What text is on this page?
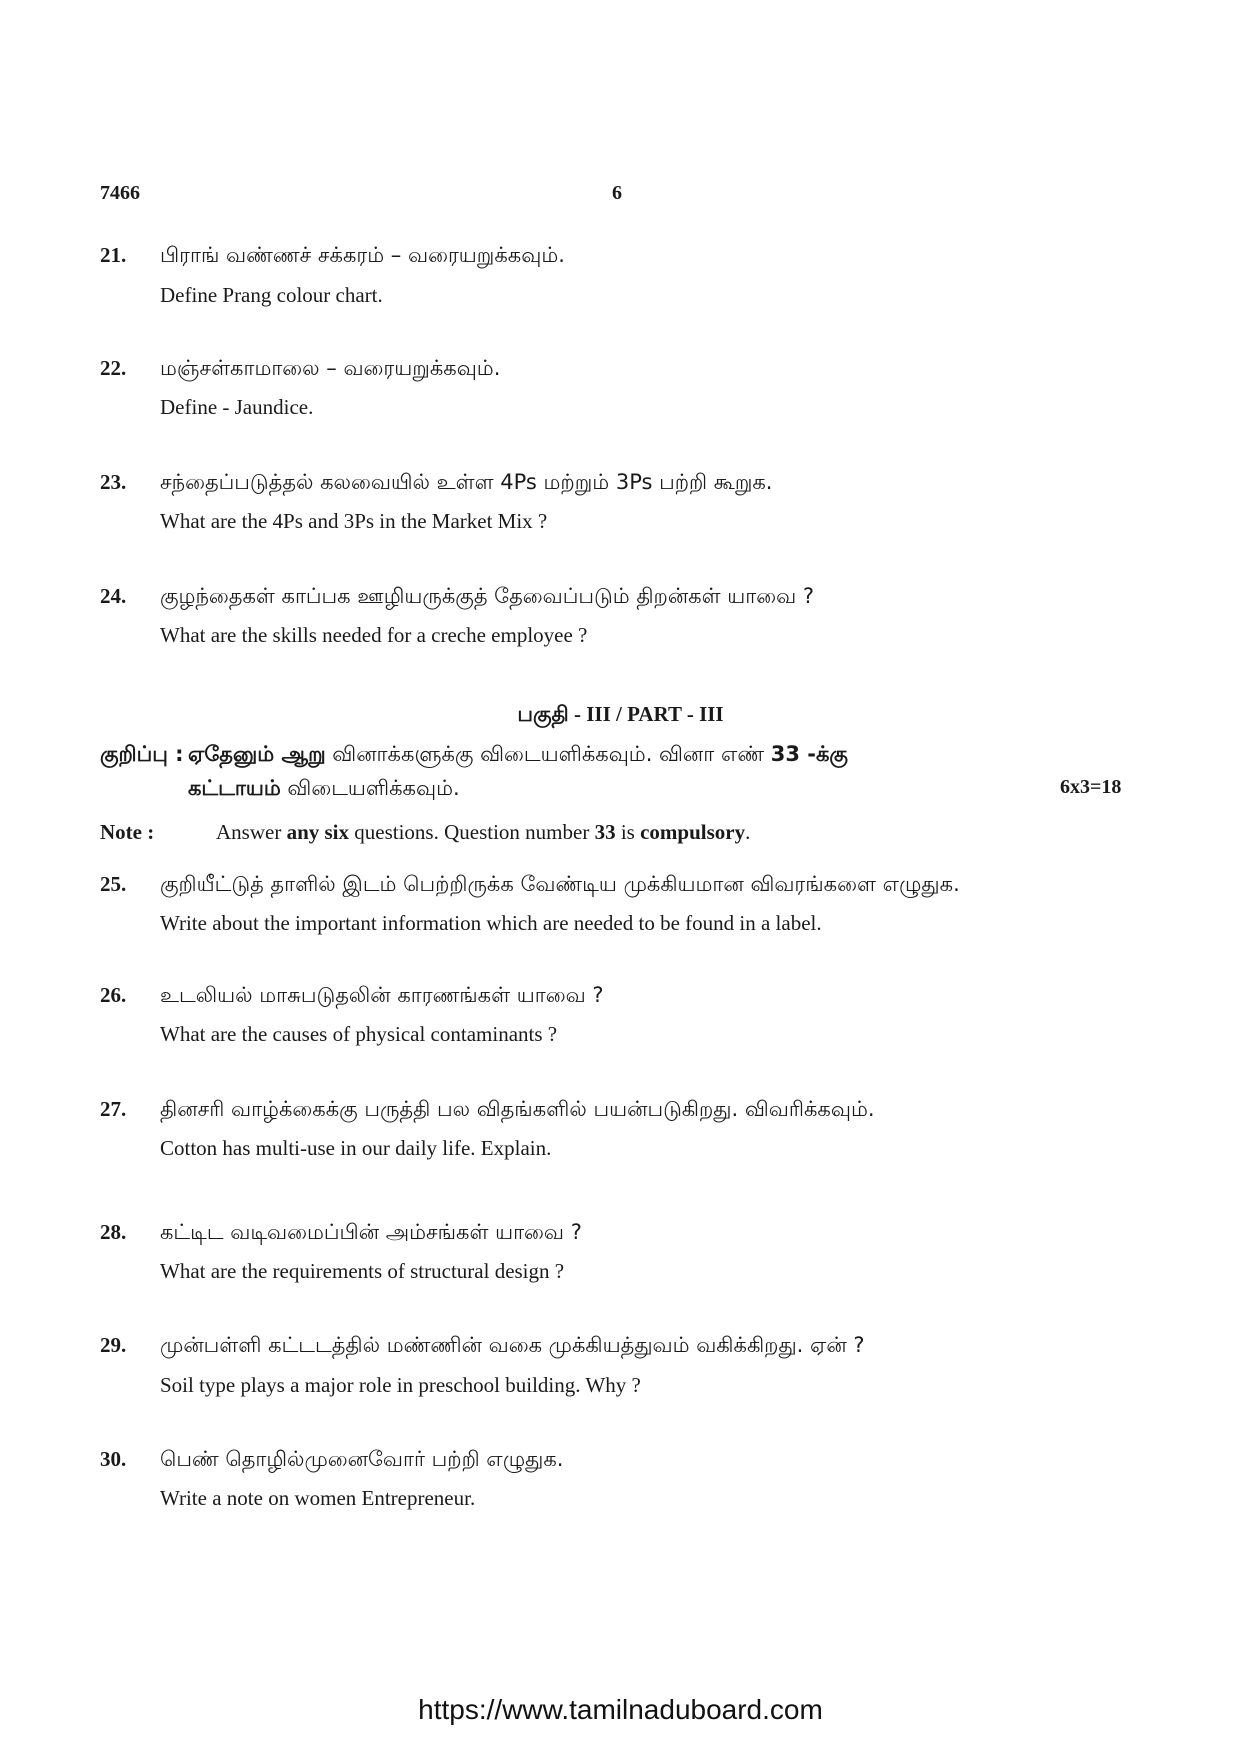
7466	6
21. பிராங் வண்ணச் சக்கரம் – வரையறுக்கவும்.
Define Prang colour chart.
22. மஞ்சள்காமாலை – வரையறுக்கவும்.
Define - Jaundice.
23. சந்தைப்படுத்தல் கலவையில் உள்ள 4Ps மற்றும் 3Ps பற்றி கூறுக.
What are the 4Ps and 3Ps in the Market Mix ?
24. குழந்தைகள் காப்பக ஊழியருக்குத் தேவைப்படும் திறன்கள் யாவை ?
What are the skills needed for a creche employee ?
பகுதி - III / PART - III
குறிப்பு : ஏதேனும் ஆறு வினாக்களுக்கு விடையளிக்கவும். வினா எண் 33 -க்கு
கட்டாயம் விடையளிக்கவும்.	6x3=18
Note :	Answer any six questions. Question number 33 is compulsory.
25. குறியீட்டுத் தாளில் இடம் பெற்றிருக்க வேண்டிய முக்கியமான விவரங்களை எழுதுக.
Write about the important information which are needed to be found in a label.
26. உடலியல் மாசுபடுதலின் காரணங்கள் யாவை ?
What are the causes of physical contaminants ?
27. தினசரி வாழ்க்கைக்கு பருத்தி பல விதங்களில் பயன்படுகிறது. விவரிக்கவும்.
Cotton has multi-use in our daily life. Explain.
28. கட்டிட வடிவமைப்பின் அம்சங்கள் யாவை ?
What are the requirements of structural design ?
29. முன்பள்ளி கட்டடத்தில் மண்ணின் வகை முக்கியத்துவம் வகிக்கிறது. ஏன் ?
Soil type plays a major role in preschool building. Why ?
30. பெண் தொழில்முனைவோர் பற்றி எழுதுக.
Write a note on women Entrepreneur.
https://www.tamilnaduboard.com
